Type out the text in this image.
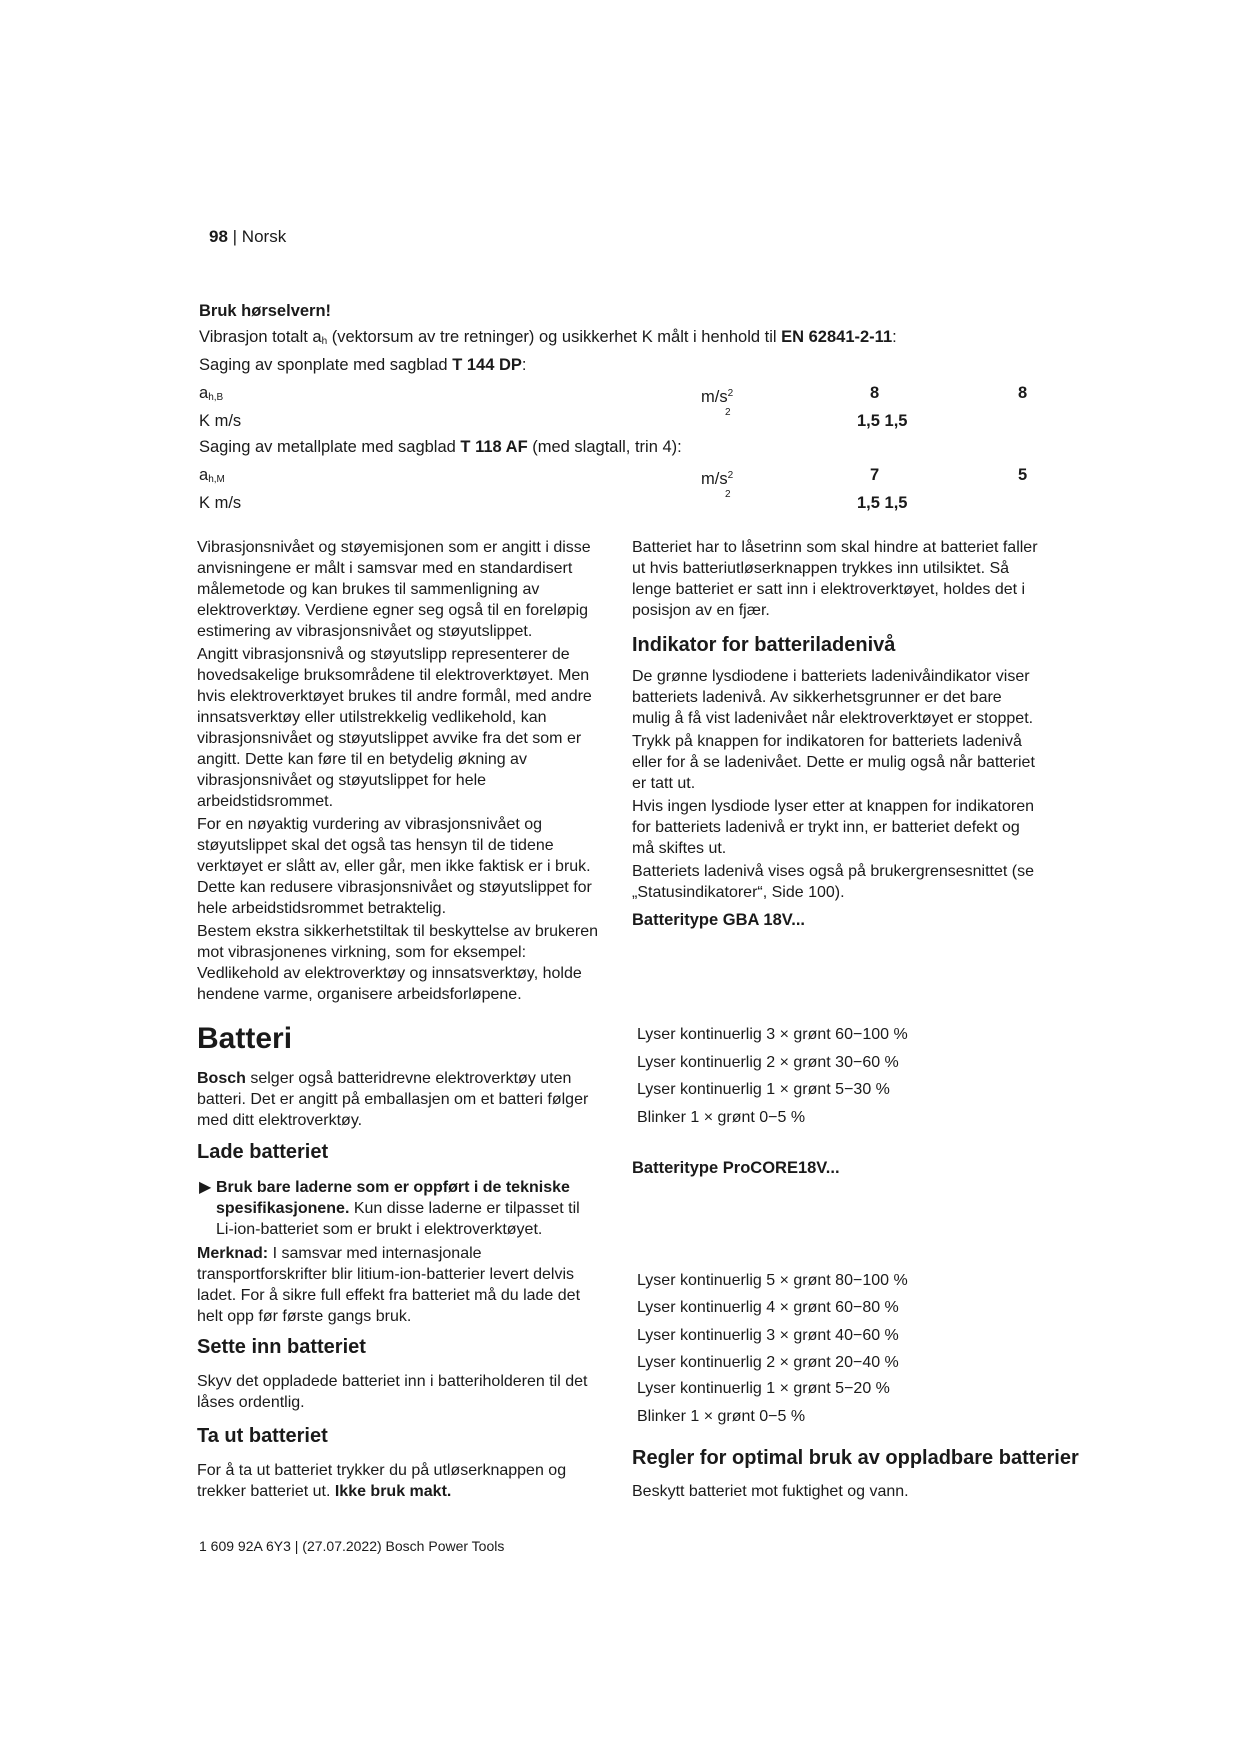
98 | Norsk
Bruk hørselvern!
Vibrasjon totalt $a_h$ (vektorsum av tre retninger) og usikkerhet K målt i henhold til EN 62841-2-11:
Saging av sponplate med sagblad T 144 DP:
$a_{h,B}$	$m/s^2$	8	8
K m/s	2	1,5 1,5
Saging av metallplate med sagblad T 118 AF (med slagtall, trin 4):
$a_{h,M}$	$m/s^2$	7	5
K m/s	2	1,5 1,5

Vibrasjonsnivået og støyemisjonen som er angitt i disse anvisningene er målt i samsvar med en standardisert målemetode og kan brukes til sammenligning av elektroverktøy. Verdiene egner seg også til en foreløpig estimering av vibrasjonsnivået og støyutslippet.

Angitt vibrasjonsnivå og støyutslipp representerer de hovedsakelige bruksområdene til elektroverktøyet. Men hvis elektroverktøyet brukes til andre formål, med andre innsatsverktøy eller utilstrekkelig vedlikehold, kan vibrasjonsnivået og støyutslippet avvike fra det som er angitt. Dette kan føre til en betydelig økning av vibrasjonsnivået og støyutslippet for hele arbeidstidsrommet.

For en nøyaktig vurdering av vibrasjonsnivået og støyutslippet skal det også tas hensyn til de tidene verktøyet er slått av, eller går, men ikke faktisk er i bruk. Dette kan redusere vibrasjonsnivået og støyutslippet for hele arbeidstidsrommet betraktelig.

Bestem ekstra sikkerhetstiltak til beskyttelse av brukeren mot vibrasjonenes virkning, som for eksempel: Vedlikehold av elektroverktøy og innsatsverktøy, holde hendene varme, organisere arbeidsforløpene.

Batteri
Bosch selger også batteridrevne elektroverktøy uten batteri. Det er angitt på emballasjen om et batteri følger med ditt elektroverktøy.
Lade batteriet
▶ Bruk bare laderne som er oppført i de tekniske spesifikasjonene. Kun disse laderne er tilpasset til Li-ion-batteriet som er brukt i elektroverktøyet.
Merknad: I samsvar med internasjonale transportforskrifter blir litium-ion-batterier levert delvis ladet. For å sikre full effekt fra batteriet må du lade det helt opp før første gangs bruk.
Sette inn batteriet
Skyv det oppladede batteriet inn i batteriholderen til det låses ordentlig.
Ta ut batteriet
For å ta ut batteriet trykker du på utløserknappen og trekker batteriet ut. Ikke bruk makt.
Batteriet har to låsetrinn som skal hindre at batteriet faller ut hvis batteriutløserknappen trykkes inn utilsiktet. Så lenge batteriet er satt inn i elektroverktøyet, holdes det i posisjon av en fjær.
Indikator for batteriladenivå

De grønne lysdiodene i batteriets ladenivåindikator viser batteriets ladenivå. Av sikkerhetsgrunner er det bare mulig å få vist ladenivået når elektroverktøyet er stoppet.

Trykk på knappen for indikatoren for batteriets ladenivå eller for å se ladenivået. Dette er mulig også når batteriet er tatt ut.

Hvis ingen lysdiode lyser etter at knappen for indikatoren for batteriets ladenivå er trykt inn, er batteriet defekt og må skiftes ut.

Batteriets ladenivå vises også på brukergrensesnittet (se „Statusindikatorer“, Side 100).

Batteritype GBA 18V...
Lyser kontinuerlig 3 × grønt 60−100 %
Lyser kontinuerlig 2 × grønt 30−60 %
Lyser kontinuerlig 1 × grønt 5−30 %
Blinker 1 × grønt 0−5 %
Batteritype ProCORE18V...
Lyser kontinuerlig 5 × grønt 80−100 %
Lyser kontinuerlig 4 × grønt 60−80 %
Lyser kontinuerlig 3 × grønt 40−60 %
Lyser kontinuerlig 2 × grønt 20−40 %
Lyser kontinuerlig 1 × grønt 5−20 %
Blinker 1 × grønt 0−5 %
Regler for optimal bruk av oppladbare batterier
Beskytt batteriet mot fuktighet og vann.
1 609 92A 6Y3 | (27.07.2022) Bosch Power Tools
